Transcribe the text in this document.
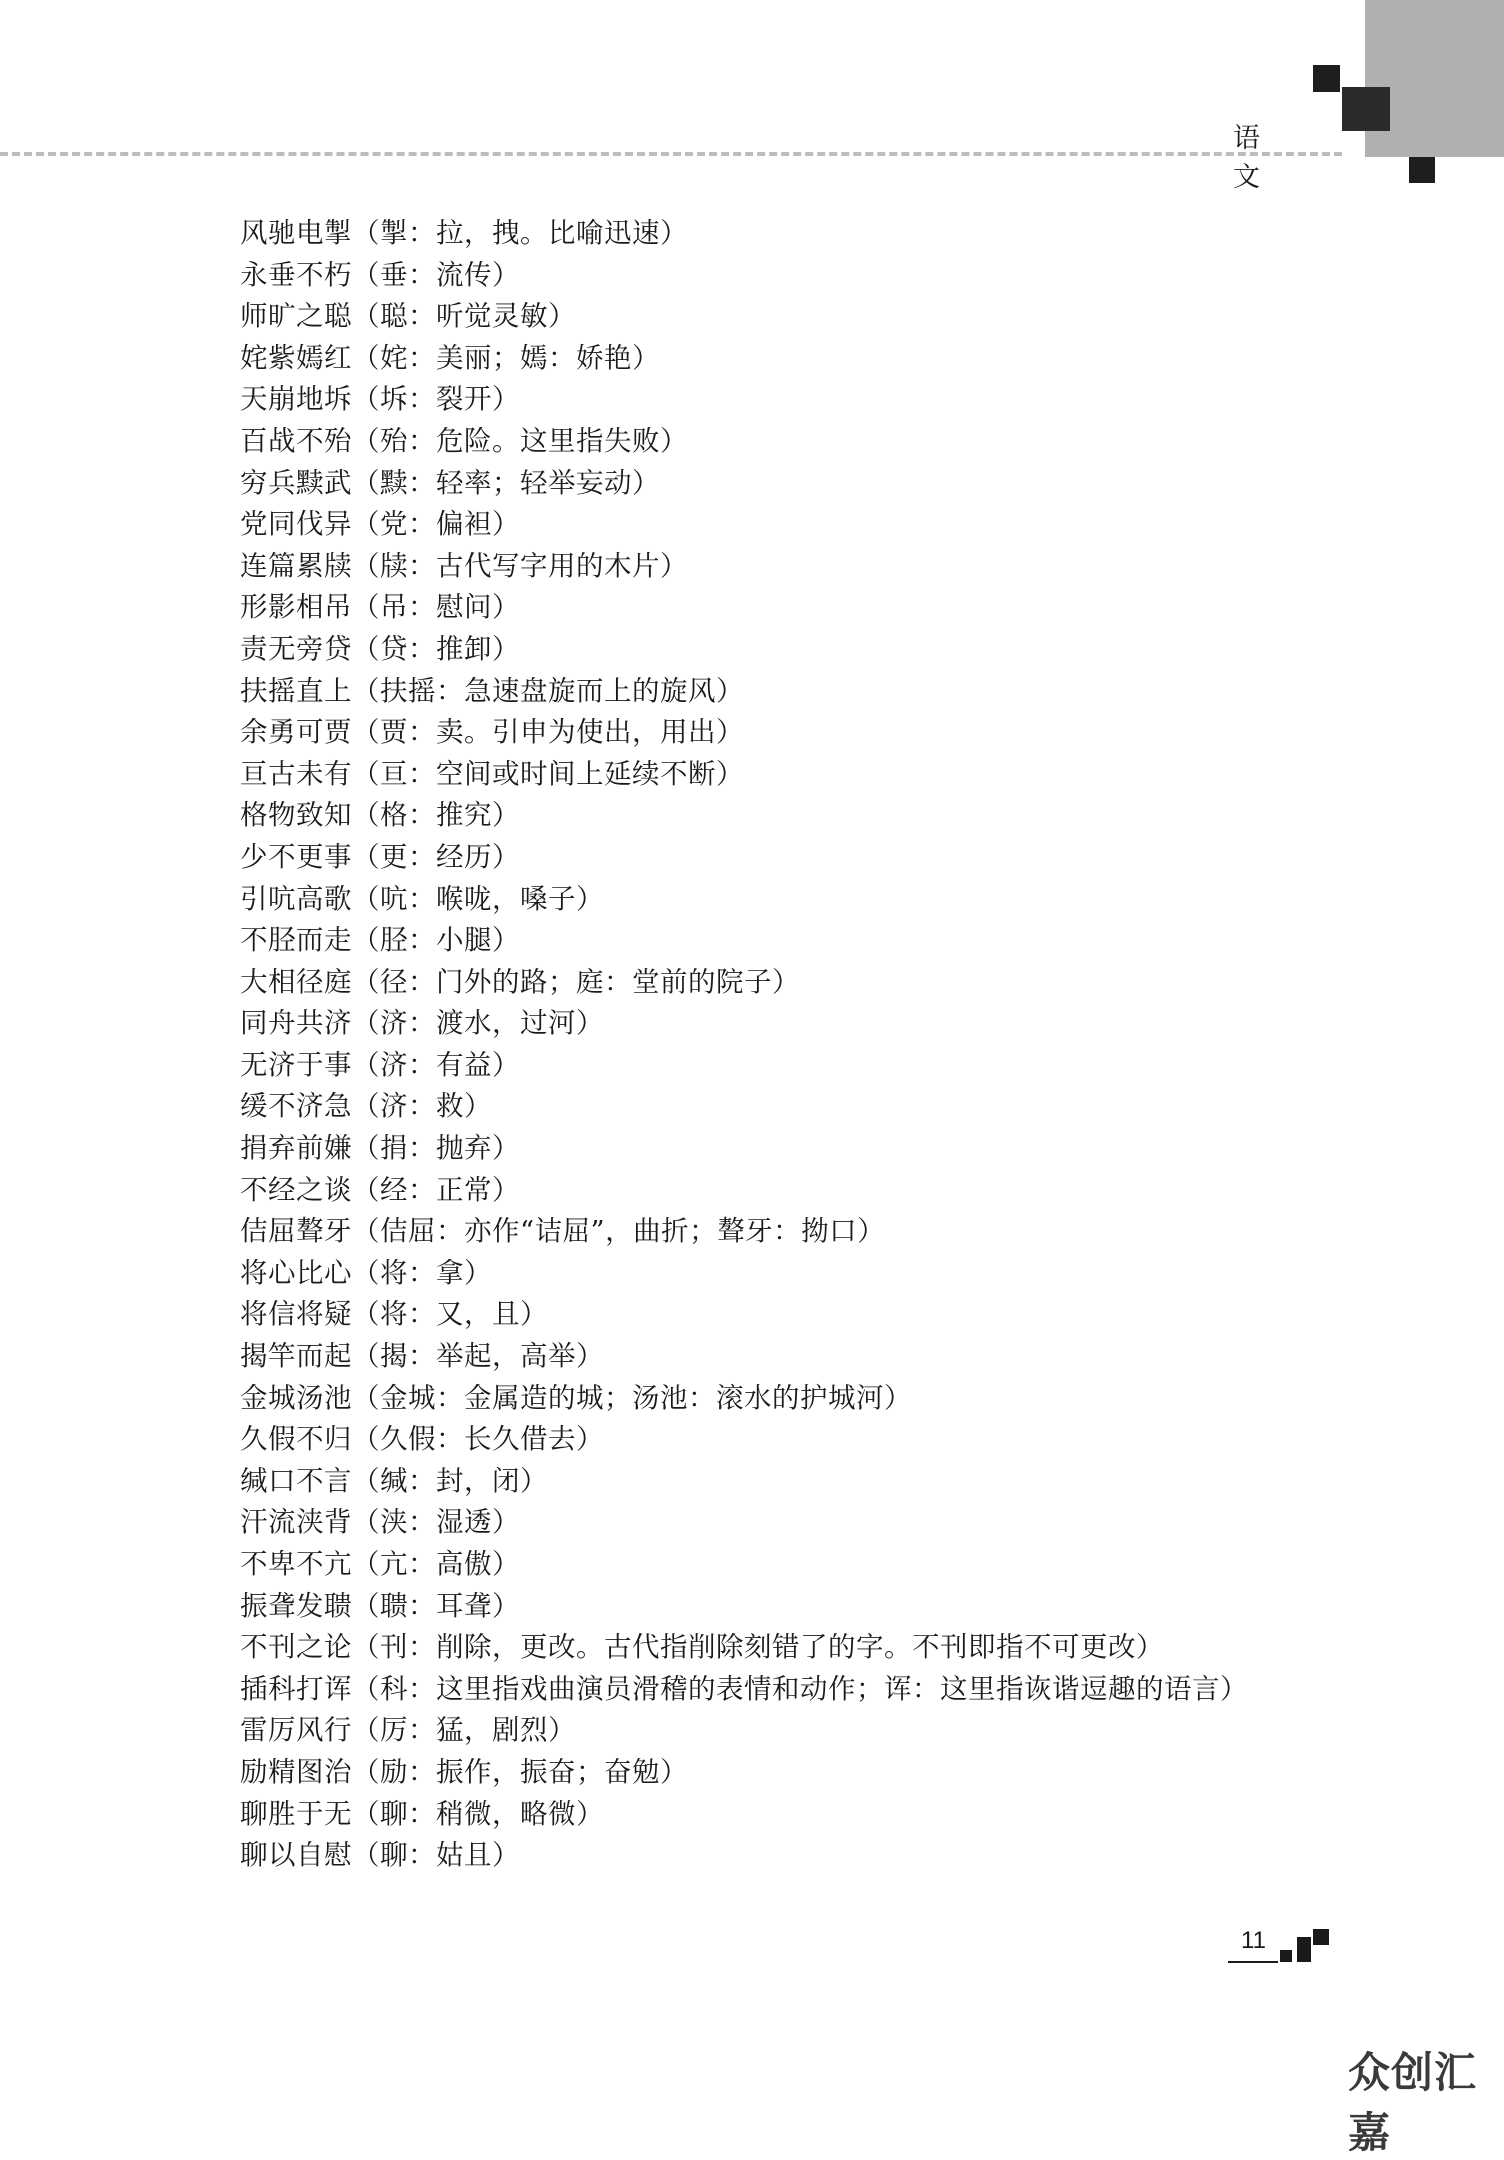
语 文
风驰电掣（掣：拉，拽。比喻迅速）
永垂不朽（垂：流传）
师旷之聪（聪：听觉灵敏）
姹紫嫣红（姹：美丽；嫣：娇艳）
天崩地坼（坼：裂开）
百战不殆（殆：危险。这里指失败）
穷兵黩武（黩：轻率；轻举妄动）
党同伐异（党：偏袒）
连篇累牍（牍：古代写字用的木片）
形影相吊（吊：慰问）
责无旁贷（贷：推卸）
扶摇直上（扶摇：急速盘旋而上的旋风）
余勇可贾（贾：卖。引申为使出，用出）
亘古未有（亘：空间或时间上延续不断）
格物致知（格：推究）
少不更事（更：经历）
引吭高歌（吭：喉咙，嗓子）
不胫而走（胫：小腿）
大相径庭（径：门外的路；庭：堂前的院子）
同舟共济（济：渡水，过河）
无济于事（济：有益）
缓不济急（济：救）
捐弃前嫌（捐：抛弃）
不经之谈（经：正常）
佶屈聱牙（佶屈：亦作“诘屈”，曲折；聱牙：拗口）
将心比心（将：拿）
将信将疑（将：又，且）
揭竿而起（揭：举起，高举）
金城汤池（金城：金属造的城；汤池：滚水的护城河）
久假不归（久假：长久借去）
缄口不言（缄：封，闭）
汗流浃背（浃：湿透）
不卑不亢（亢：高傲）
振聋发聩（聩：耳聋）
不刊之论（刊：削除，更改。古代指削除刻错了的字。不刊即指不可更改）
插科打诨（科：这里指戏曲演员滑稽的表情和动作；诨：这里指诙谐逗趣的语言）
雷厉风行（厉：猛，剧烈）
励精图治（励：振作，振奋；奋勉）
聊胜于无（聊：稍微，略微）
聊以自慰（聊：姑且）
11
众创汇嘉
